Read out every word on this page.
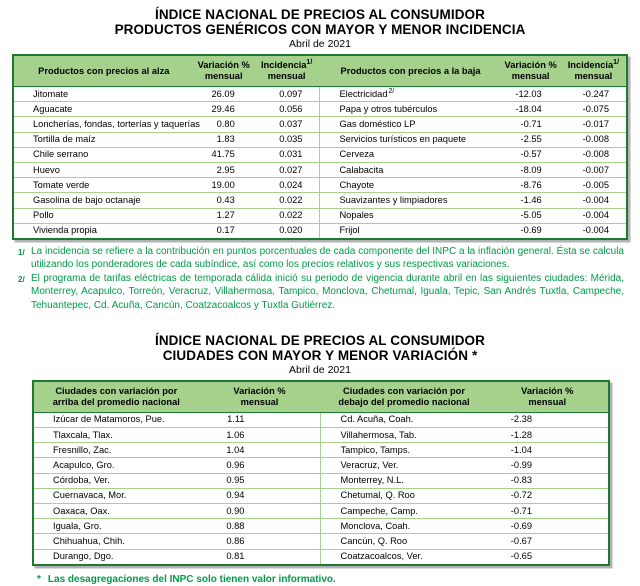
ÍNDICE NACIONAL DE PRECIOS AL CONSUMIDOR
PRODUCTOS GENÉRICOS CON MAYOR Y MENOR INCIDENCIA
Abril de 2021
Productos con precios al alza	
Variación %
mensual

Incidencia$^{1/}$
mensual
	Productos con precios a la baja	
Variación %
mensual

Incidencia$^{1/}$
mensual

Jitomate	26.09	0.097	Electricidad$^{2/}$	-12.03	-0.247
Aguacate	29.46	0.056	Papa y otros tubérculos	-18.04	-0.075
Loncherías, fondas, torterías y taquerías	0.80	0.037	Gas doméstico LP	-0.71	-0.017
Tortilla de maíz	1.83	0.035	Servicios turísticos en paquete	-2.55	-0.008
Chile serrano	41.75	0.031	Cerveza	-0.57	-0.008
Huevo	2.95	0.027	Calabacita	-8.09	-0.007
Tomate verde	19.00	0.024	Chayote	-8.76	-0.005
Gasolina de bajo octanaje	0.43	0.022	Suavizantes y limpiadores	-1.46	-0.004
Pollo	1.27	0.022	Nopales	-5.05	-0.004
Vivienda propia	0.17	0.020	Frijol	-0.69	-0.004
1/ La incidencia se refiere a la contribución en puntos porcentuales de cada componente del INPC a la inflación general. Ésta se calcula utilizando los ponderadores de cada subíndice, así como los precios relativos y sus respectivas variaciones.
2/ El programa de tarifas eléctricas de temporada cálida inició su periodo de vigencia durante abril en las siguientes ciudades: Mérida, Monterrey, Acapulco, Torreón, Veracruz, Villahermosa, Tampico, Monclova, Chetumal, Iguala, Tepic, San Andrés Tuxtla, Campeche, Tehuantepec, Cd. Acuña, Cancún, Coatzacoalcos y Tuxtla Gutiérrez.
ÍNDICE NACIONAL DE PRECIOS AL CONSUMIDOR
CIUDADES CON MAYOR Y MENOR VARIACIÓN *
Abril de 2021
Ciudades con variación por
arriba del promedio nacional

Variación %
mensual

Ciudades con variación por
debajo del promedio nacional

Variación %
mensual

Izúcar de Matamoros, Pue.	1.11	Cd. Acuña, Coah.	-2.38
Tlaxcala, Tlax.	1.06	Villahermosa, Tab.	-1.28
Fresnillo, Zac.	1.04	Tampico, Tamps.	-1.04
Acapulco, Gro.	0.96	Veracruz, Ver.	-0.99
Córdoba, Ver.	0.95	Monterrey, N.L.	-0.83
Cuernavaca, Mor.	0.94	Chetumal, Q. Roo	-0.72
Oaxaca, Oax.	0.90	Campeche, Camp.	-0.71
Iguala, Gro.	0.88	Monclova, Coah.	-0.69
Chihuahua, Chih.	0.86	Cancún, Q. Roo	-0.67
Durango, Dgo.	0.81	Coatzacoalcos, Ver.	-0.65
* Las desagregaciones del INPC solo tienen valor informativo.
